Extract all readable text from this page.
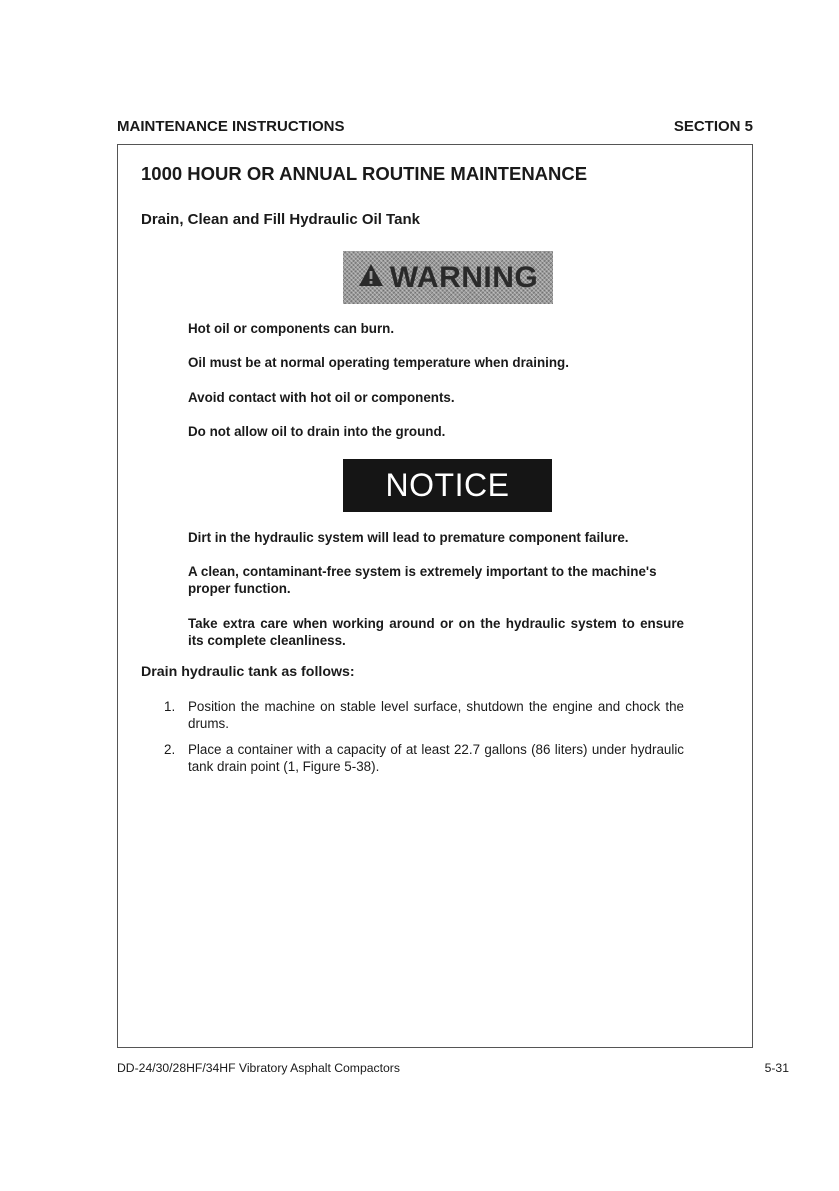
MAINTENANCE INSTRUCTIONS	SECTION 5
1000 HOUR OR ANNUAL ROUTINE MAINTENANCE
Drain, Clean and Fill Hydraulic Oil Tank
WARNING
Hot oil or components can burn.
Oil must be at normal operating temperature when draining.
Avoid contact with hot oil or components.
Do not allow oil to drain into the ground.
NOTICE
Dirt in the hydraulic system will lead to premature component failure.
A clean, contaminant-free system is extremely important to the machine's proper function.
Take extra care when working around or on the hydraulic system to ensure its complete cleanliness.
Drain hydraulic tank as follows:
1. Position the machine on stable level surface, shutdown the engine and chock the drums.
2. Place a container with a capacity of at least 22.7 gallons (86 liters) under hydraulic tank drain point (1, Figure 5-38).
DD-24/30/28HF/34HF Vibratory Asphalt Compactors	5-31
